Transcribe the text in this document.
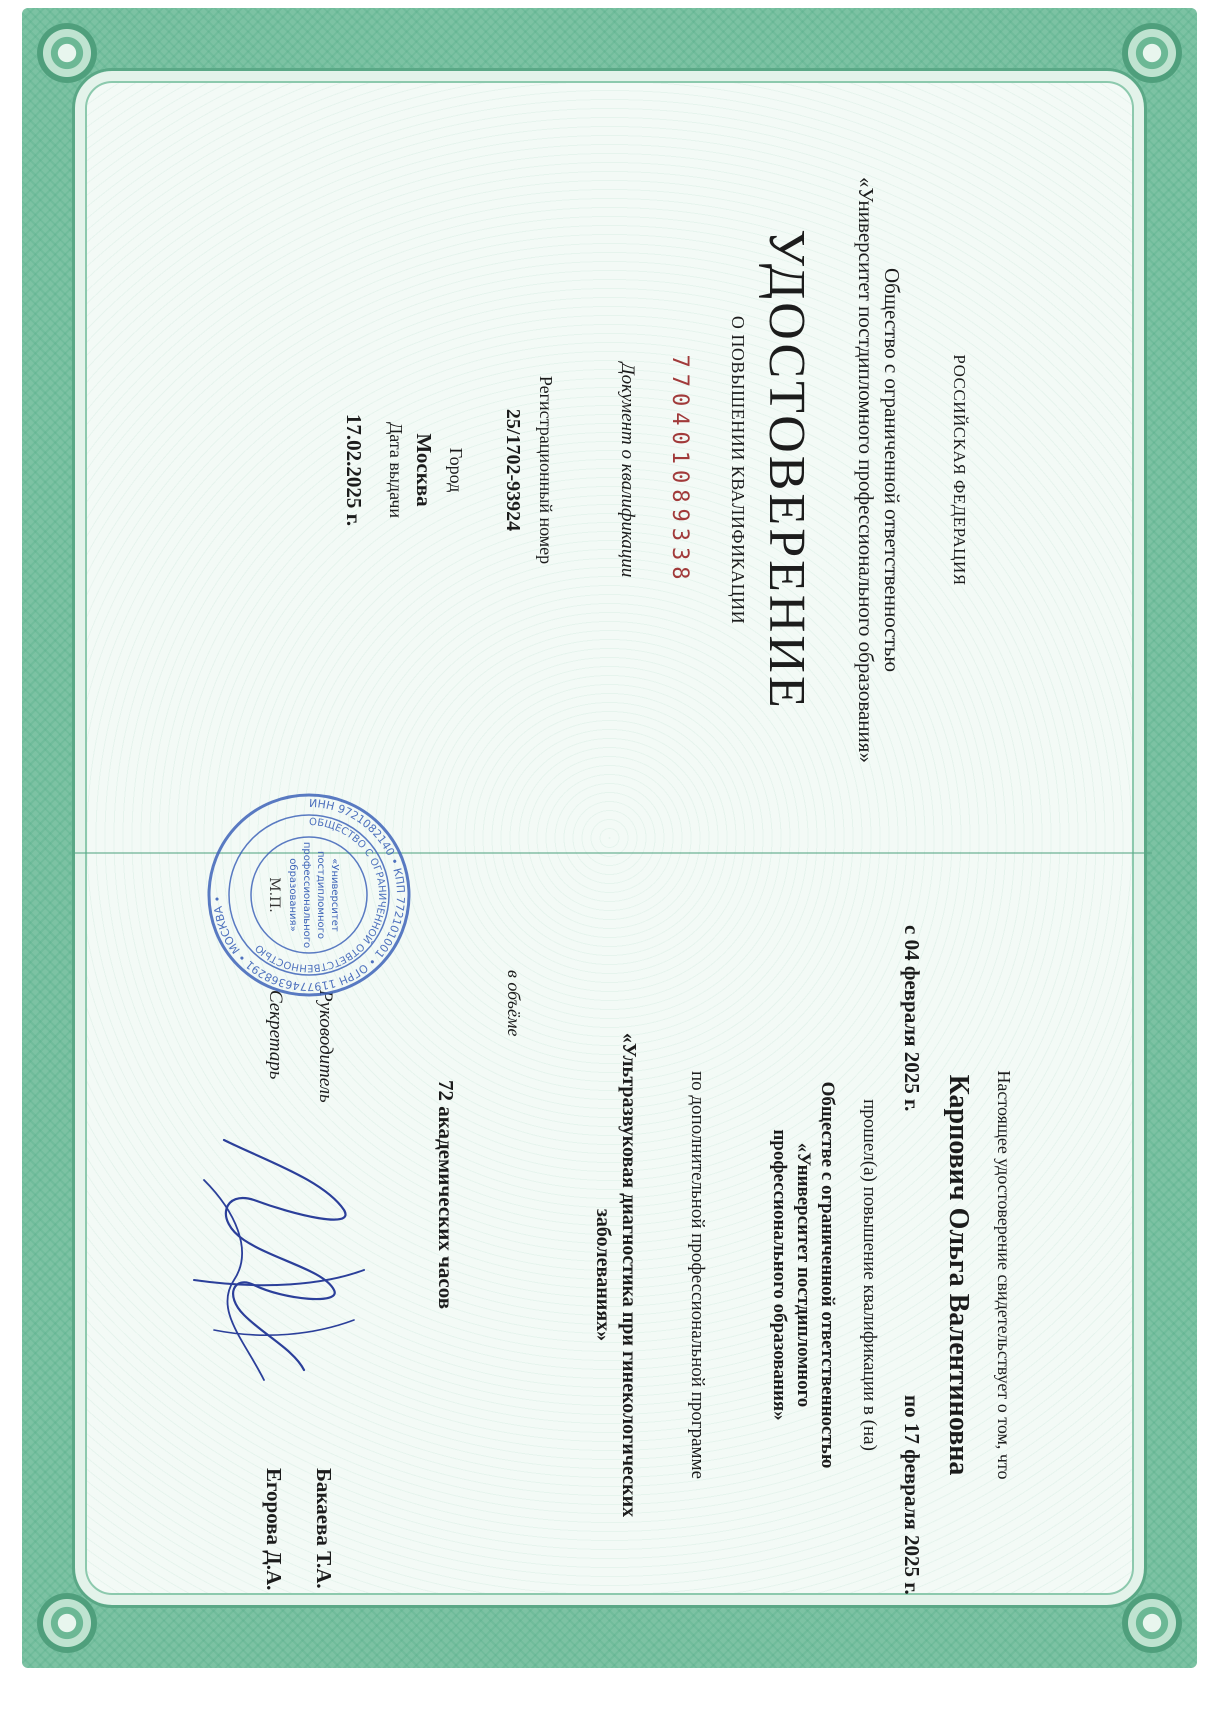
РОССИЙСКАЯ ФЕДЕРАЦИЯ
Общество с ограниченной ответственностью
«Университет постдипломного профессионального образования»
УДОСТОВЕРЕНИЕ
О ПОВЫШЕНИИ КВАЛИФИКАЦИИ
770401089338
Документ о квалификации
Регистрационный номер
25/1702-93924
Город
Москва
Дата выдачи
17.02.2025 г.
Настоящее удостоверение свидетельствует о том, что
Карпович Ольга Валентиновна
с 04 февраля 2025 г.
по 17 февраля 2025 г.
прошел(а) повышение квалификации в (на)
Обществе с ограниченной ответственностью
«Университет постдипломного
профессионального образования»
по дополнительной профессиональной программе
«Ультразвуковая диагностика при гинекологических
заболеваниях»
в объёме
72 академических часов
Руководитель
Бакаева Т.А.
Секретарь
Егорова Д.А.
ИНН 9721082140 • КПП 772101001 • ОГРН 1197746368291 • МОСКВА •
ОБЩЕСТВО С ОГРАНИЧЕННОЙ ОТВЕТСТВЕННОСТЬЮ
«Университет
постдипломного
профессионального
образования»
М.П.
